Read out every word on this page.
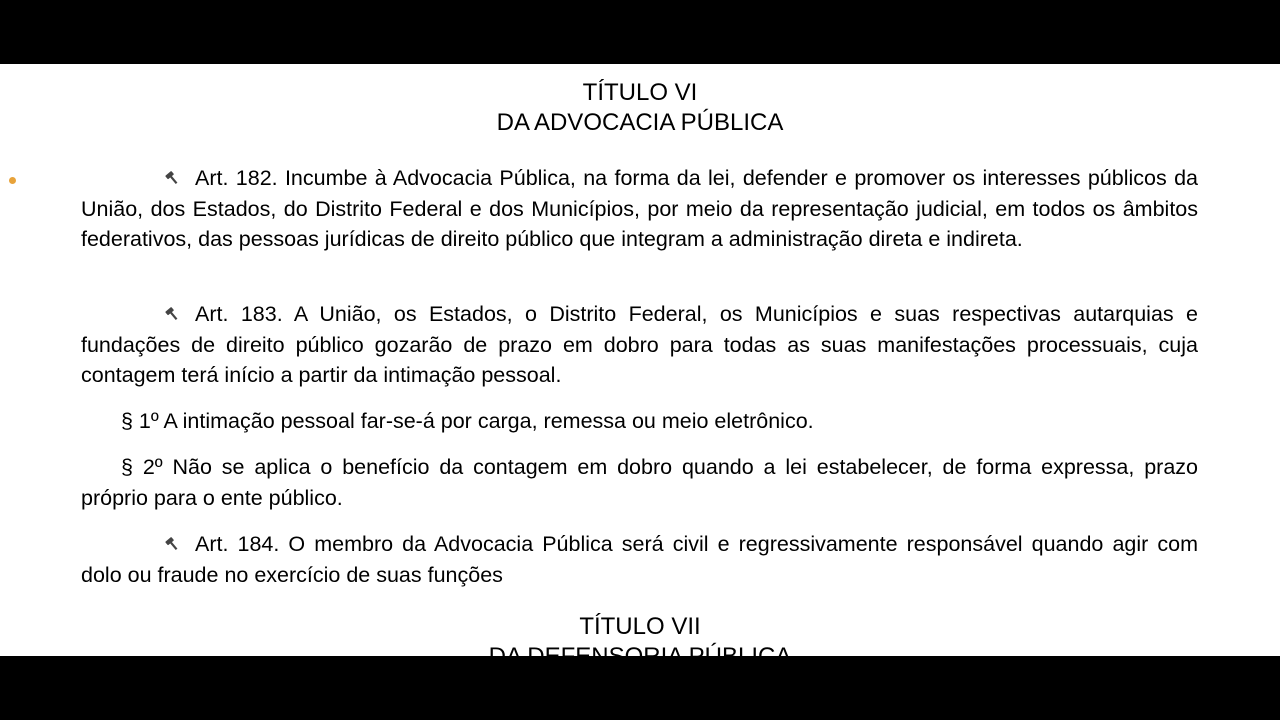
TÍTULO VI
DA ADVOCACIA PÚBLICA

Art. 182. Incumbe à Advocacia Pública, na forma da lei, defender e promover os interesses públicos da União, dos Estados, do Distrito Federal e dos Municípios, por meio da representação judicial, em todos os âmbitos federativos, das pessoas jurídicas de direito público que integram a administração direta e indireta.

Art. 183. A União, os Estados, o Distrito Federal, os Municípios e suas respectivas autarquias e fundações de direito público gozarão de prazo em dobro para todas as suas manifestações processuais, cuja contagem terá início a partir da intimação pessoal.

§ 1º A intimação pessoal far-se-á por carga, remessa ou meio eletrônico.

§ 2º Não se aplica o benefício da contagem em dobro quando a lei estabelecer, de forma expressa, prazo próprio para o ente público.

Art. 184. O membro da Advocacia Pública será civil e regressivamente responsável quando agir com dolo ou fraude no exercício de suas funções

TÍTULO VII
DA DEFENSORIA PÚBLICA
